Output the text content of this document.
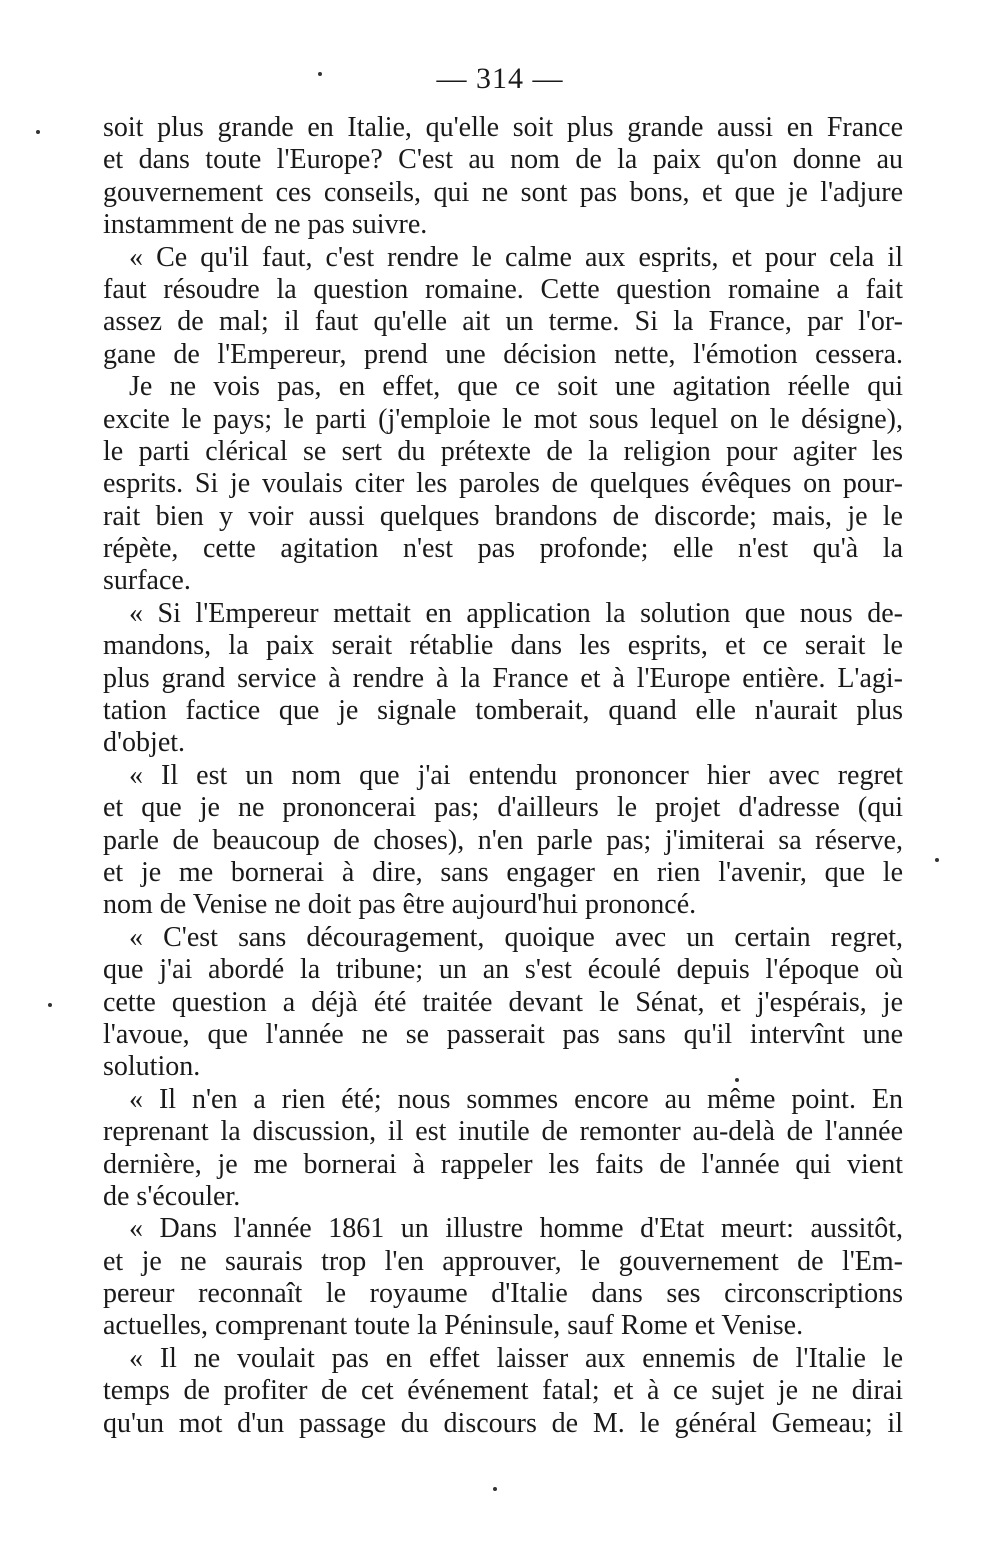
— 314 —
soit plus grande en Italie, qu'elle soit plus grande aussi en France
et dans toute l'Europe? C'est au nom de la paix qu'on donne au
gouvernement ces conseils, qui ne sont pas bons, et que je l'adjure
instamment de ne pas suivre.
« Ce qu'il faut, c'est rendre le calme aux esprits, et pour cela il
faut résoudre la question romaine. Cette question romaine a fait
assez de mal; il faut qu'elle ait un terme. Si la France, par l'or-
gane de l'Empereur, prend une décision nette, l'émotion cessera.
Je ne vois pas, en effet, que ce soit une agitation réelle qui
excite le pays; le parti (j'emploie le mot sous lequel on le désigne),
le parti clérical se sert du prétexte de la religion pour agiter les
esprits. Si je voulais citer les paroles de quelques évêques on pour-
rait bien y voir aussi quelques brandons de discorde; mais, je le
répète, cette agitation n'est pas profonde; elle n'est qu'à la
surface.
« Si l'Empereur mettait en application la solution que nous de-
mandons, la paix serait rétablie dans les esprits, et ce serait le
plus grand service à rendre à la France et à l'Europe entière. L'agi-
tation factice que je signale tomberait, quand elle n'aurait plus
d'objet.
« Il est un nom que j'ai entendu prononcer hier avec regret
et que je ne prononcerai pas; d'ailleurs le projet d'adresse (qui
parle de beaucoup de choses), n'en parle pas; j'imiterai sa réserve,
et je me bornerai à dire, sans engager en rien l'avenir, que le
nom de Venise ne doit pas être aujourd'hui prononcé.
« C'est sans découragement, quoique avec un certain regret,
que j'ai abordé la tribune; un an s'est écoulé depuis l'époque où
cette question a déjà été traitée devant le Sénat, et j'espérais, je
l'avoue, que l'année ne se passerait pas sans qu'il intervînt une
solution.
« Il n'en a rien été; nous sommes encore au même point. En
reprenant la discussion, il est inutile de remonter au-delà de l'année
dernière, je me bornerai à rappeler les faits de l'année qui vient
de s'écouler.
« Dans l'année 1861 un illustre homme d'Etat meurt: aussitôt,
et je ne saurais trop l'en approuver, le gouvernement de l'Em-
pereur reconnaît le royaume d'Italie dans ses circonscriptions
actuelles, comprenant toute la Péninsule, sauf Rome et Venise.
« Il ne voulait pas en effet laisser aux ennemis de l'Italie le
temps de profiter de cet événement fatal; et à ce sujet je ne dirai
qu'un mot d'un passage du discours de M. le général Gemeau; il
